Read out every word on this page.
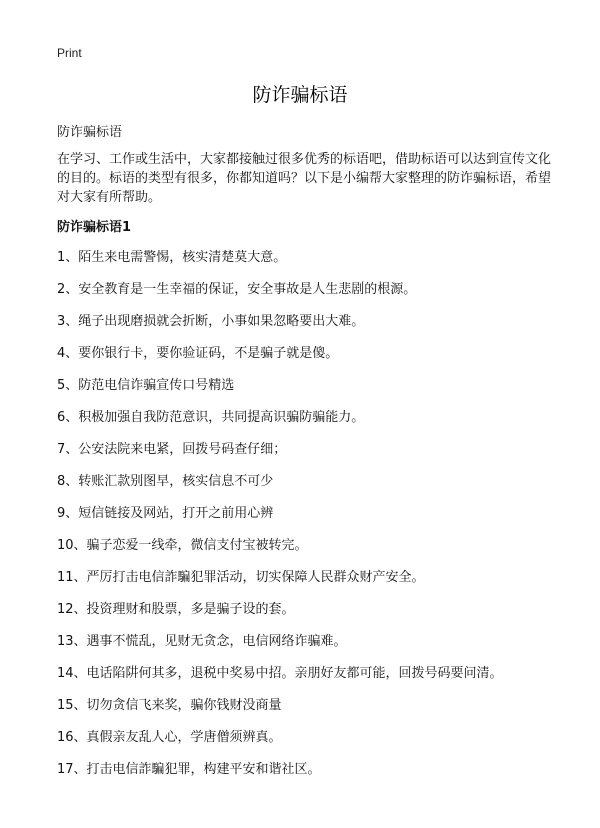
Print
防诈骗标语
防诈骗标语

在学习、工作或生活中，大家都接触过很多优秀的标语吧，借助标语可以达到宣传文化的目的。标语的类型有很多，你都知道吗？以下是小编帮大家整理的防诈骗标语，希望对大家有所帮助。

防诈骗标语1
1、陌生来电需警惕，核实清楚莫大意。
2、安全教育是一生幸福的保证，安全事故是人生悲剧的根源。
3、绳子出现磨损就会折断，小事如果忽略要出大难。
4、要你银行卡，要你验证码，不是骗子就是傻。
5、防范电信诈骗宣传口号精选
6、积极加强自我防范意识，共同提高识骗防骗能力。
7、公安法院来电紧，回拨号码查仔细；
8、转账汇款别图早，核实信息不可少
9、短信链接及网站，打开之前用心辨
10、骗子恋爱一线牵，微信支付宝被转完。
11、严厉打击电信詐騙犯罪活动，切实保障人民群众财产安全。
12、投资理财和股票，多是骗子设的套。
13、遇事不慌乱，见财无贪念，电信网络诈骗难。
14、电话陷阱何其多，退税中奖易中招。亲朋好友都可能，回拨号码要问清。
15、切勿贪信飞来奖，骗你钱财没商量
16、真假亲友乱人心，学唐僧须辨真。
17、打击电信詐騙犯罪，构建平安和谐社区。
